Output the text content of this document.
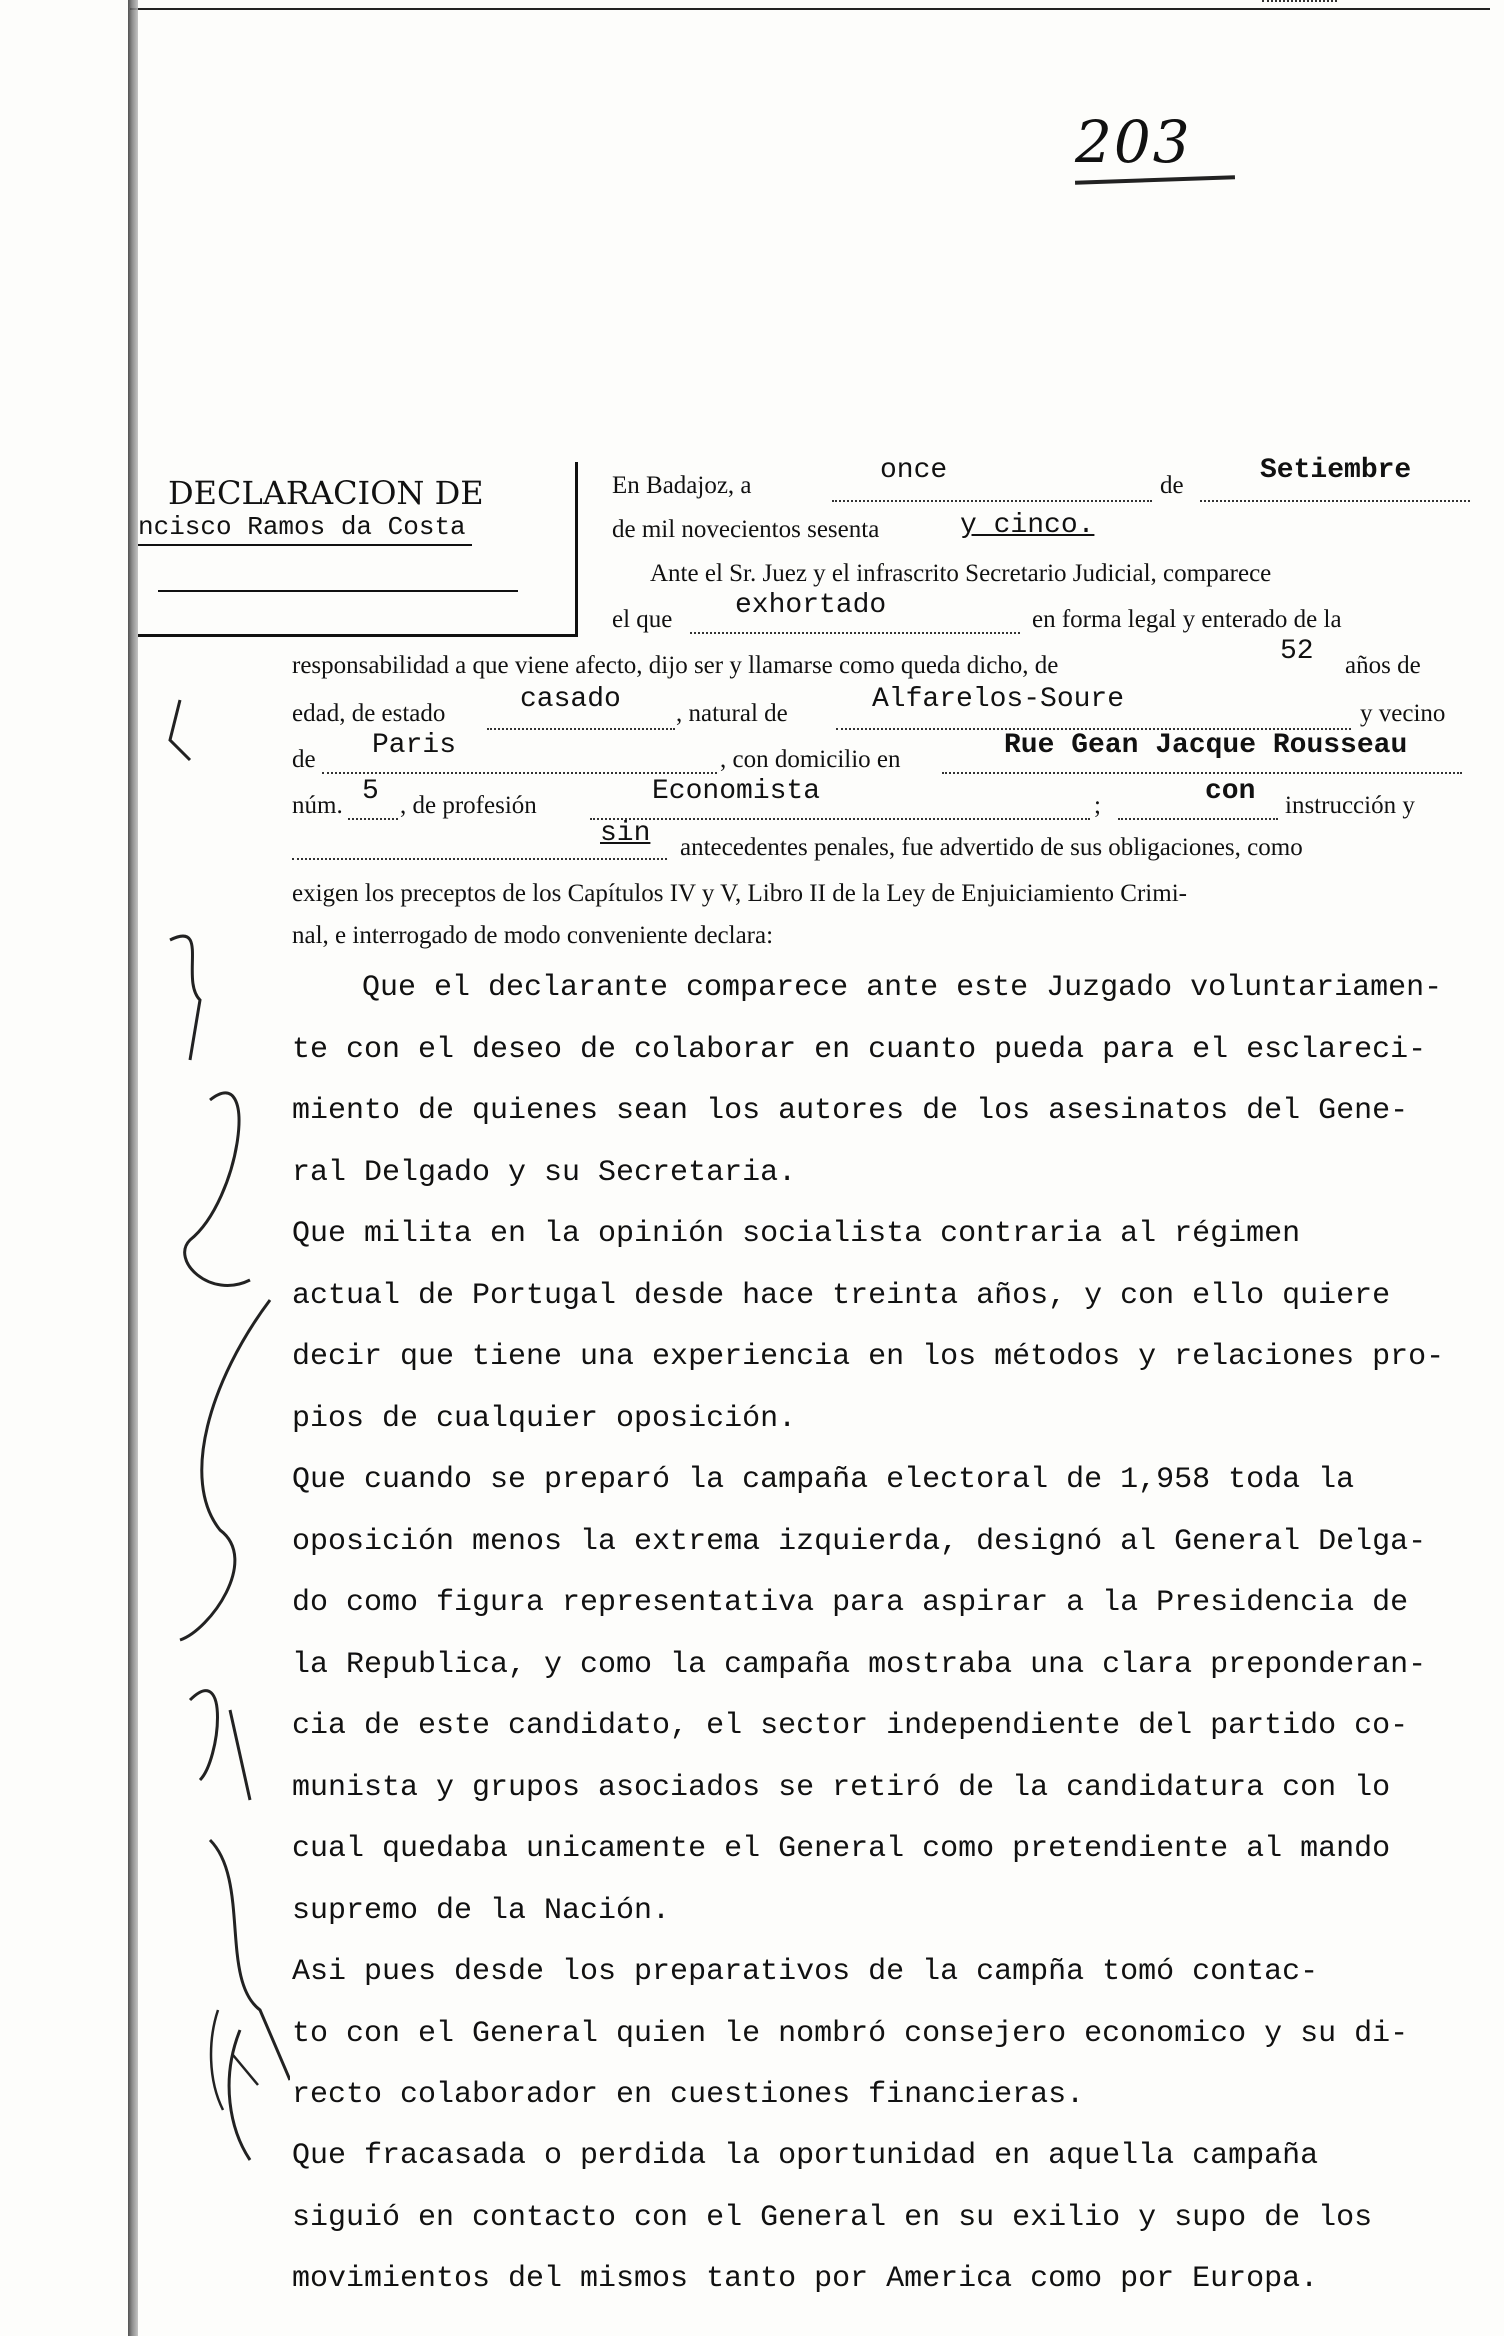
203
DECLARACION DE
ncisco Ramos da Costa
En Badajoz, a	once	de	Setiembre
de mil novecientos sesenta	y cinco.
Ante el Sr. Juez y el infrascrito Secretario Judicial, comparece
el que exhortado	en forma legal y enterado de la
responsabilidad a que viene afecto, dijo ser y llamarse como queda dicho, de	52 años de
edad, de estado	casado , natural de	Alfarelos-Soure	y vecino
de Paris	, con domicilio en	Rue Gean Jacque Rousseau
núm. 5 , de profesión	Economista	;	con instrucción y
sin antecedentes penales, fue advertido de sus obligaciones, como
exigen los preceptos de los Capítulos IV y V, Libro II de la Ley de Enjuiciamiento Crimi-
nal, e interrogado de modo conveniente declara:
Que el declarante comparece ante este Juzgado voluntariamen-
te con el deseo de colaborar en cuanto pueda para el esclareci-
miento de quienes sean los autores de los asesinatos del Gene-
ral Delgado y su Secretaria.
Que milita en la opinión socialista contraria al régimen
actual de Portugal desde hace treinta años, y con ello quiere
decir que tiene una experiencia en los métodos y relaciones pro-
pios de cualquier oposición.
Que cuando se preparó la campaña electoral de 1,958 toda la
oposición menos la extrema izquierda, designó al General Delga-
do como figura representativa para aspirar a la Presidencia de
la Republica, y como la campaña mostraba una clara preponderan-
cia de este candidato, el sector independiente del partido co-
munista y grupos asociados se retiró de la candidatura con lo
cual quedaba unicamente el General como pretendiente al mando
supremo de la Nación.
Asi pues desde los preparativos de la campña tomó contac-
to con el General quien le nombró consejero economico y su di-
recto colaborador en cuestiones financieras.
Que fracasada o perdida la oportunidad en aquella campaña
siguió en contacto con el General en su exilio y supo de los
movimientos del mismos tanto por America como por Europa.
